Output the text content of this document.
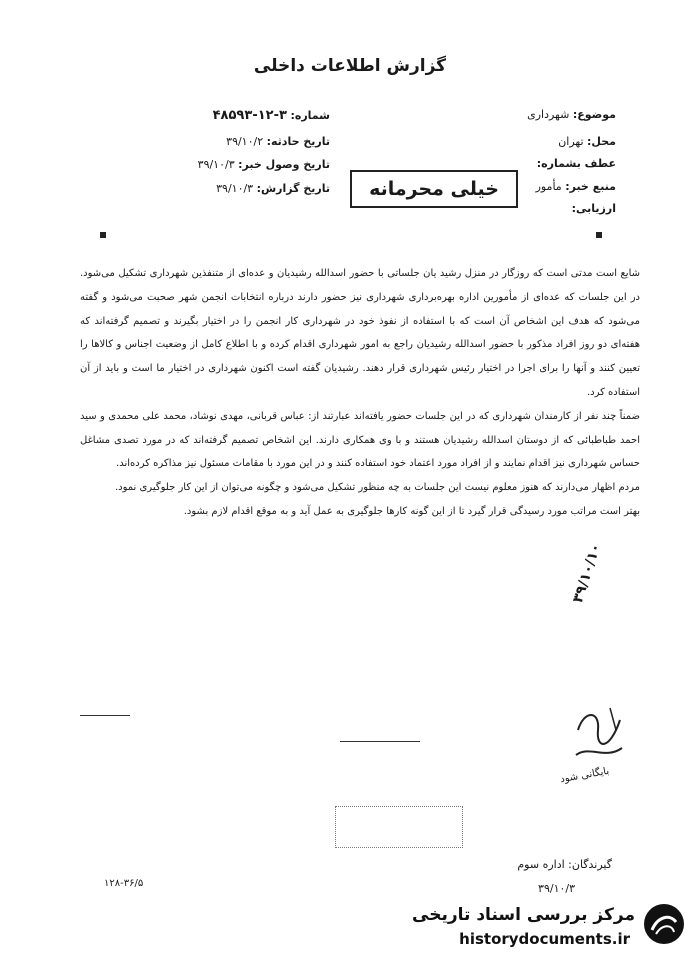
گزارش اطلاعات داخلی
موضوع: شهرداری
محل: تهران
عطف بشماره:
منبع خبر: مأمور
ارزیابی:
شماره: ۳-۱۲-۴۸۵۹۳
تاریخ حادثه: ۳۹/۱۰/۲
تاریخ وصول خبر: ۳۹/۱۰/۳
تاریخ گزارش: ۳۹/۱۰/۳	خیلی محرمانه

شایع است مدتی است که روزگار در منزل رشید یان جلساتی با حضور اسدالله رشیدیان و عده‌ای از متنفذین شهرداری تشکیل می‌شود. در این جلسات که عده‌ای از مأمورین اداره بهره‌برداری شهرداری نیز حضور دارند درباره انتخابات انجمن شهر صحبت می‌شود و گفته می‌شود که هدف این اشخاص آن است که با استفاده از نفوذ خود در شهرداری کار انجمن را در اختیار بگیرند و تصمیم گرفته‌اند که هفته‌ای دو روز افراد مذکور با حضور اسدالله رشیدیان راجع به امور شهرداری اقدام کرده و با اطلاع کامل از وضعیت اجناس و کالاها را تعیین کنند و آنها را برای اجرا در اختیار رئیس شهرداری قرار دهند. رشیدیان گفته است اکنون شهرداری در اختیار ما است و باید از آن استفاده کرد.

ضمناً چند نفر از کارمندان شهرداری که در این جلسات حضور یافته‌اند عبارتند از: عباس قربانی، مهدی نوشاد، محمد علی محمدی و سید احمد طباطبائی که از دوستان اسدالله رشیدیان هستند و با وی همکاری دارند. این اشخاص تصمیم گرفته‌اند که در مورد تصدی مشاغل حساس شهرداری نیز اقدام نمایند و از افراد مورد اعتماد خود استفاده کنند و در این مورد با مقامات مسئول نیز مذاکره کرده‌اند.

مردم اظهار می‌دارند که هنوز معلوم نیست این جلسات به چه منظور تشکیل می‌شود و چگونه می‌توان از این کار جلوگیری نمود.

بهتر است مراتب مورد رسیدگی قرار گیرد تا از این گونه کارها جلوگیری به عمل آید و به موقع اقدام لازم بشود.

۳۹/۱۰/۱۰
بایگانی شود
گیرندگان: اداره سوم
۳۹/۱۰/۳
۱۲۸-۳۶/۵
مرکز بررسی اسناد تاریخی
historydocuments.ir
